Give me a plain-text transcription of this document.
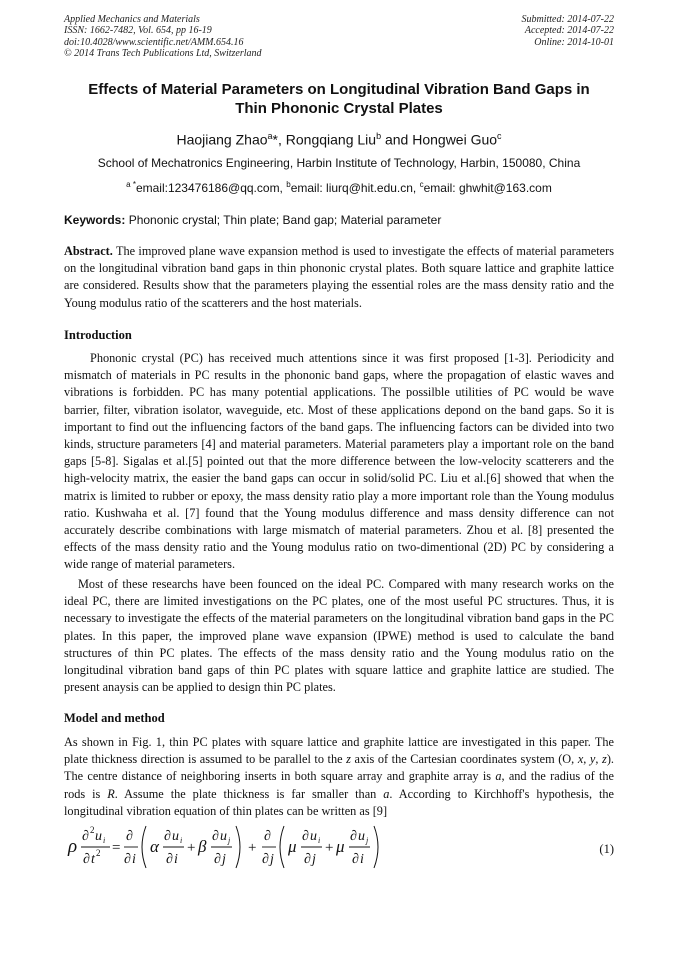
Applied Mechanics and Materials
ISSN: 1662-7482, Vol. 654, pp 16-19
doi:10.4028/www.scientific.net/AMM.654.16
© 2014 Trans Tech Publications Ltd, Switzerland
Submitted: 2014-07-22
Accepted: 2014-07-22
Online: 2014-10-01
Effects of Material Parameters on Longitudinal Vibration Band Gaps in
Thin Phononic Crystal Plates
Haojiang Zhao$^a$*, Rongqiang Liu$^b$ and Hongwei Guo$^c$
School of Mechatronics Engineering, Harbin Institute of Technology, Harbin, 150080, China
$^{a *}$email:123476186@qq.com, $^b$email: liurq@hit.edu.cn, $^c$email: ghwhit@163.com
Keywords: Phononic crystal; Thin plate; Band gap; Material parameter
Abstract. The improved plane wave expansion method is used to investigate the effects of material parameters on the longitudinal vibration band gaps in thin phononic crystal plates. Both square lattice and graphite lattice are considered. Results show that the parameters playing the essential roles are the mass density ratio and the Young modulus ratio of the scatterers and the host materials.
Introduction
Phononic crystal (PC) has received much attentions since it was first proposed [1-3]. Periodicity and mismatch of materials in PC results in the phononic band gaps, where the propagation of elastic waves and vibrations is forbidden. PC has many potential applications. The possilble utilities of PC would be wave barrier, filter, vibration isolator, waveguide, etc. Most of these applications depond on the band gaps. So it is important to find out the influencing factors of the band gaps. The influencing factors can be divided into two kinds, structure parameters [4] and material parameters. Material parameters play a important role on the band gaps [5-8]. Sigalas et al.[5] pointed out that the more difference between the low-velocity scatterers and the high-velocity matrix, the easier the band gaps can occur in solid/solid PC. Liu et al.[6] showed that when the matrix is limited to rubber or epoxy, the mass density ratio play a more important role than the Young modulus ratio. Kushwaha et al. [7] found that the Young modulus difference and mass density difference can not accurately describe combinations with large mismatch of material parameters. Zhou et al. [8] presented the effects of the mass density ratio and the Young modulus ratio on two-dimentional (2D) PC by considering a wide range of material parameters.
Most of these researchs have been founced on the ideal PC. Compared with many research works on the ideal PC, there are limited investigations on the PC plates, one of the most useful PC structures. Thus, it is necessary to investigate the effects of the material parameters on the longitudinal vibration band gaps in the PC plates. In this paper, the improved plane wave expansion (IPWE) method is used to calculate the band structures of thin PC plates. The effects of the mass density ratio and the Young modulus ratio on the longitudinal vibration band gaps of thin PC plates with square lattice and graphite lattice are studied. The present anaysis can be applied to design thin PC plates.
Model and method
As shown in Fig. 1, thin PC plates with square lattice and graphite lattice are investigated in this paper. The plate thickness direction is assumed to be parallel to the z axis of the Cartesian coordinates system (O, x, y, z). The centre distance of neighboring inserts in both square array and graphite array is a, and the radius of the rods is R. Assume the plate thickness is far smaller than a. According to Kirchhoff's hypothesis, the longitudinal vibration equation of thin plates can be written as [9]
ρ ∂ 2 u i
∂ t 2 =
∂
∂ i
α
∂ u i
∂ i
+ β
∂ u j
∂ j
+
∂
∂ j
μ
∂ u i
∂ j
+ μ
∂ u j
∂ i
(1)
